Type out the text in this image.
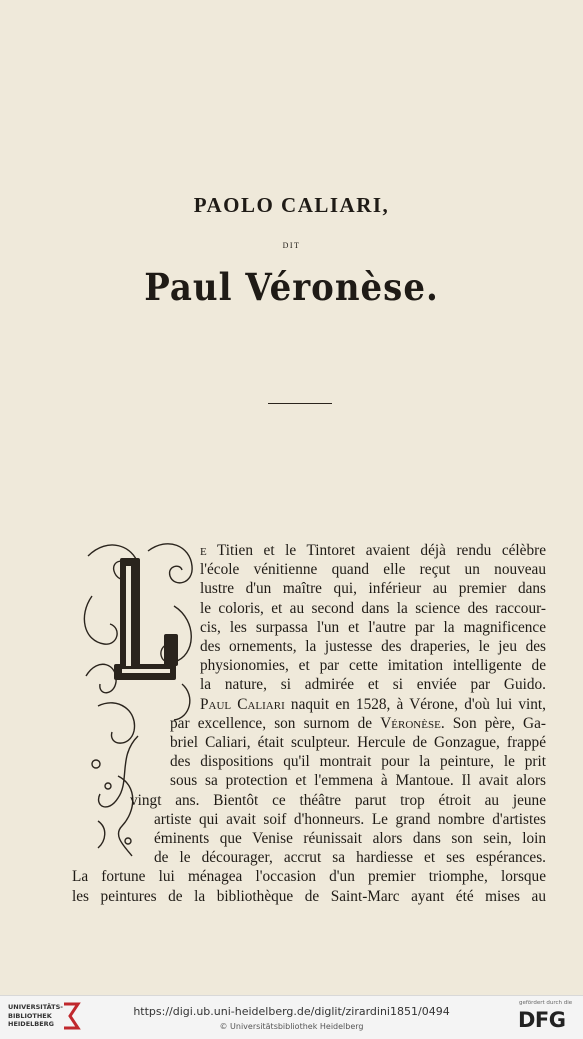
PAOLO CALIARI,
DIT
Paul Véronèse.
e Titien et le Tintoret avaient déjà rendu célèbre
l'école vénitienne quand elle reçut un nouveau
lustre d'un maître qui, inférieur au premier dans
le coloris, et au second dans la science des raccour-
cis, les surpassa l'un et l'autre par la magnificence
des ornements, la justesse des draperies, le jeu des
physionomies, et par cette imitation intelligente de
la nature, si admirée et si enviée par Guido.
Paul Caliari naquit en 1528, à Vérone, d'où lui vint,
par excellence, son surnom de Véronèse. Son père, Ga-
briel Caliari, était sculpteur. Hercule de Gonzague, frappé
des dispositions qu'il montrait pour la peinture, le prit
sous sa protection et l'emmena à Mantoue. Il avait alors
vingt ans. Bientôt ce théâtre parut trop étroit au jeune
artiste qui avait soif d'honneurs. Le grand nombre d'artistes
éminents que Venise réunissait alors dans son sein, loin
de le décourager, accrut sa hardiesse et ses espérances.
La fortune lui ménagea l'occasion d'un premier triomphe, lorsque
les peintures de la bibliothèque de Saint-Marc ayant été mises au
UNIVERSITÄTS-
BIBLIOTHEK
HEIDELBERG
https://digi.ub.uni-heidelberg.de/diglit/zirardini1851/0494
© Universitätsbibliothek Heidelberg
gefördert durch die
DFG
